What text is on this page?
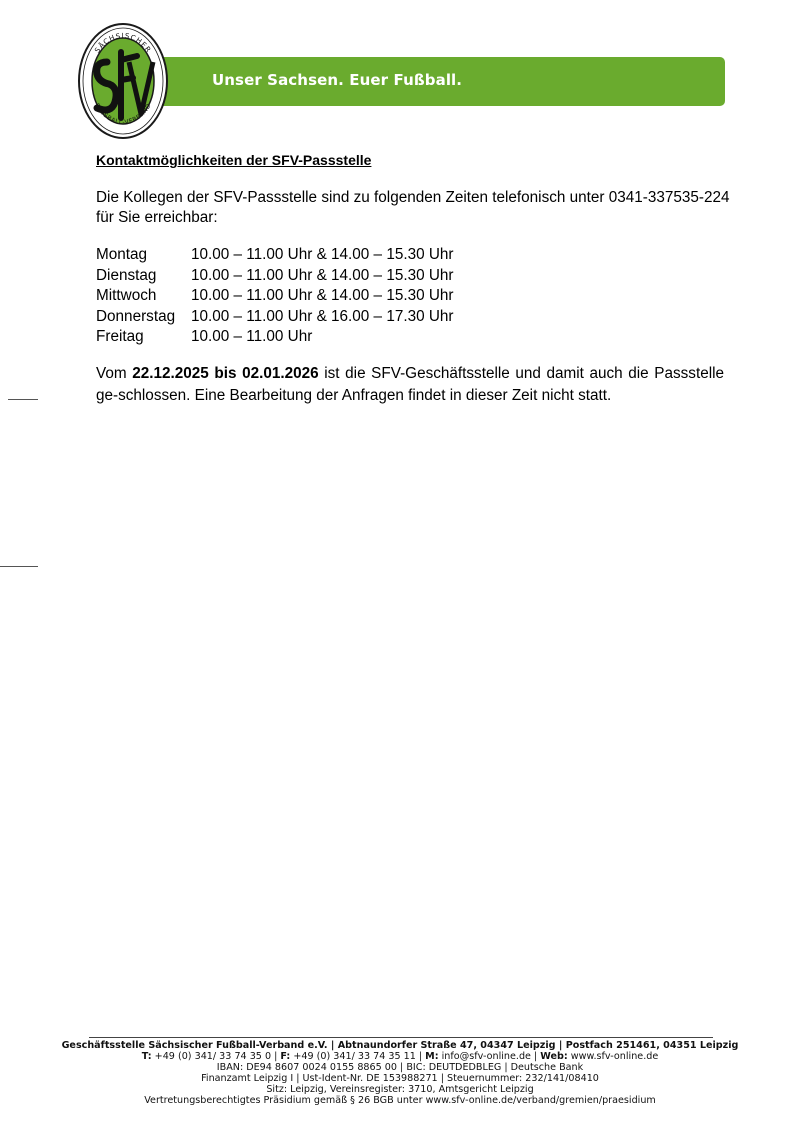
Unser Sachsen. Euer Fußball.
SÄCHSISCHER
FUSSBALL-VERBAND
Kontaktmöglichkeiten der SFV-Passstelle
Die Kollegen der SFV-Passstelle sind zu folgenden Zeiten telefonisch unter 0341-337535-224 für Sie erreichbar:
Montag	10.00 – 11.00 Uhr & 14.00 – 15.30 Uhr
Dienstag	10.00 – 11.00 Uhr & 14.00 – 15.30 Uhr
Mittwoch	10.00 – 11.00 Uhr & 14.00 – 15.30 Uhr
Donnerstag	10.00 – 11.00 Uhr & 16.00 – 17.30 Uhr
Freitag	10.00 – 11.00 Uhr
Vom 22.12.2025 bis 02.01.2026 ist die SFV-Geschäftsstelle und damit auch die Passstelle ge-schlossen. Eine Bearbeitung der Anfragen findet in dieser Zeit nicht statt.
Geschäftsstelle Sächsischer Fußball-Verband e.V. | Abtnaundorfer Straße 47, 04347 Leipzig | Postfach 251461, 04351 Leipzig
T: +49 (0) 341/ 33 74 35 0 | F: +49 (0) 341/ 33 74 35 11 | M: info@sfv-online.de | Web: www.sfv-online.de
IBAN: DE94 8607 0024 0155 8865 00 | BIC: DEUTDEDBLEG | Deutsche Bank
Finanzamt Leipzig I | Ust-Ident-Nr. DE 153988271 | Steuernummer: 232/141/08410
Sitz: Leipzig, Vereinsregister: 3710, Amtsgericht Leipzig
Vertretungsberechtigtes Präsidium gemäß § 26 BGB unter www.sfv-online.de/verband/gremien/praesidium
